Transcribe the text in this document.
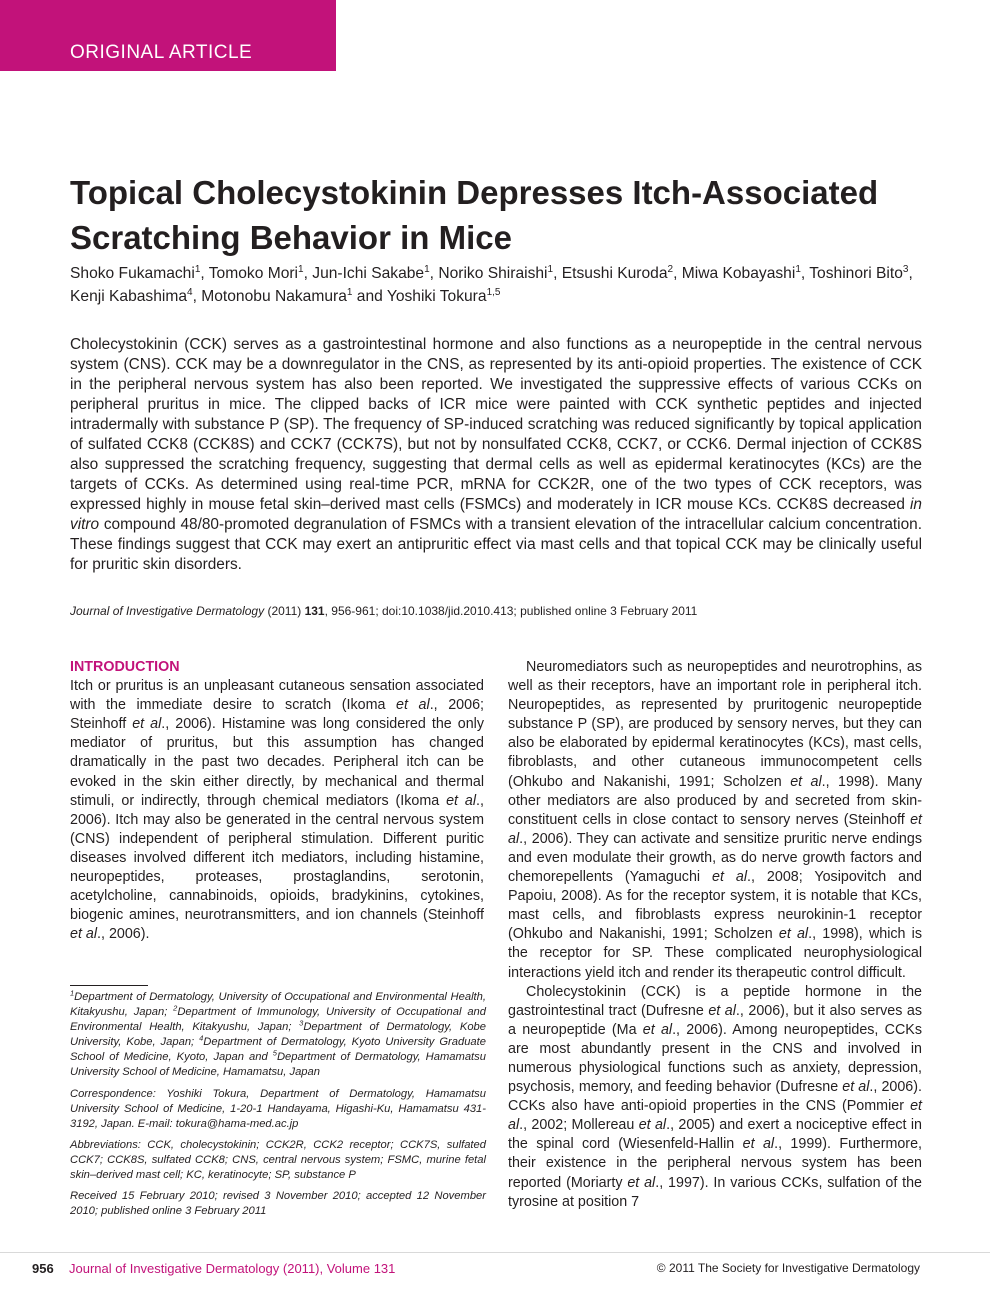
ORIGINAL ARTICLE
Topical Cholecystokinin Depresses Itch-Associated Scratching Behavior in Mice
Shoko Fukamachi$^1$, Tomoko Mori$^1$, Jun-Ichi Sakabe$^1$, Noriko Shiraishi$^1$, Etsushi Kuroda$^2$, Miwa Kobayashi$^1$, Toshinori Bito$^3$, Kenji Kabashima$^4$, Motonobu Nakamura$^1$ and Yoshiki Tokura$^{1,5}$
Cholecystokinin (CCK) serves as a gastrointestinal hormone and also functions as a neuropeptide in the central nervous system (CNS). CCK may be a downregulator in the CNS, as represented by its anti-opioid properties. The existence of CCK in the peripheral nervous system has also been reported. We investigated the suppressive effects of various CCKs on peripheral pruritus in mice. The clipped backs of ICR mice were painted with CCK synthetic peptides and injected intradermally with substance P (SP). The frequency of SP-induced scratching was reduced significantly by topical application of sulfated CCK8 (CCK8S) and CCK7 (CCK7S), but not by nonsulfated CCK8, CCK7, or CCK6. Dermal injection of CCK8S also suppressed the scratching frequency, suggesting that dermal cells as well as epidermal keratinocytes (KCs) are the targets of CCKs. As determined using real-time PCR, mRNA for CCK2R, one of the two types of CCK receptors, was expressed highly in mouse fetal skin–derived mast cells (FSMCs) and moderately in ICR mouse KCs. CCK8S decreased in vitro compound 48/80-promoted degranulation of FSMCs with a transient elevation of the intracellular calcium concentration. These findings suggest that CCK may exert an antipruritic effect via mast cells and that topical CCK may be clinically useful for pruritic skin disorders.
Journal of Investigative Dermatology (2011) 131, 956-961; doi:10.1038/jid.2010.413; published online 3 February 2011
INTRODUCTION

Itch or pruritus is an unpleasant cutaneous sensation associated with the immediate desire to scratch (Ikoma et al., 2006; Steinhoff et al., 2006). Histamine was long considered the only mediator of pruritus, but this assumption has changed dramatically in the past two decades. Peripheral itch can be evoked in the skin either directly, by mechanical and thermal stimuli, or indirectly, through chemical mediators (Ikoma et al., 2006). Itch may also be generated in the central nervous system (CNS) independent of peripheral stimulation. Different puritic diseases involved different itch mediators, including histamine, neuropeptides, proteases, prostaglandins, serotonin, acetylcholine, cannabinoids, opioids, bradykinins, cytokines, biogenic amines, neurotransmitters, and ion channels (Steinhoff et al., 2006).

Neuromediators such as neuropeptides and neurotrophins, as well as their receptors, have an important role in peripheral itch. Neuropeptides, as represented by pruritogenic neuropeptide substance P (SP), are produced by sensory nerves, but they can also be elaborated by epidermal keratinocytes (KCs), mast cells, fibroblasts, and other cutaneous immunocompetent cells (Ohkubo and Nakanishi, 1991; Scholzen et al., 1998). Many other mediators are also produced by and secreted from skin-constituent cells in close contact to sensory nerves (Steinhoff et al., 2006). They can activate and sensitize pruritic nerve endings and even modulate their growth, as do nerve growth factors and chemorepellents (Yamaguchi et al., 2008; Yosipovitch and Papoiu, 2008). As for the receptor system, it is notable that KCs, mast cells, and fibroblasts express neurokinin-1 receptor (Ohkubo and Nakanishi, 1991; Scholzen et al., 1998), which is the receptor for SP. These complicated neurophysiological interactions yield itch and render its therapeutic control difficult.

Cholecystokinin (CCK) is a peptide hormone in the gastrointestinal tract (Dufresne et al., 2006), but it also serves as a neuropeptide (Ma et al., 2006). Among neuropeptides, CCKs are most abundantly present in the CNS and involved in numerous physiological functions such as anxiety, depression, psychosis, memory, and feeding behavior (Dufresne et al., 2006). CCKs also have anti-opioid properties in the CNS (Pommier et al., 2002; Mollereau et al., 2005) and exert a nociceptive effect in the spinal cord (Wiesenfeld-Hallin et al., 1999). Furthermore, their existence in the peripheral nervous system has been reported (Moriarty et al., 1997). In various CCKs, sulfation of the tyrosine at position 7

$^1$Department of Dermatology, University of Occupational and Environmental Health, Kitakyushu, Japan; $^2$Department of Immunology, University of Occupational and Environmental Health, Kitakyushu, Japan; $^3$Department of Dermatology, Kobe University, Kobe, Japan; $^4$Department of Dermatology, Kyoto University Graduate School of Medicine, Kyoto, Japan and $^5$Department of Dermatology, Hamamatsu University School of Medicine, Hamamatsu, Japan

Correspondence: Yoshiki Tokura, Department of Dermatology, Hamamatsu University School of Medicine, 1-20-1 Handayama, Higashi-Ku, Hamamatsu 431-3192, Japan. E-mail: tokura@hama-med.ac.jp

Abbreviations: CCK, cholecystokinin; CCK2R, CCK2 receptor; CCK7S, sulfated CCK7; CCK8S, sulfated CCK8; CNS, central nervous system; FSMC, murine fetal skin–derived mast cell; KC, keratinocyte; SP, substance P

Received 15 February 2010; revised 3 November 2010; accepted 12 November 2010; published online 3 February 2011

956 Journal of Investigative Dermatology (2011), Volume 131	© 2011 The Society for Investigative Dermatology
